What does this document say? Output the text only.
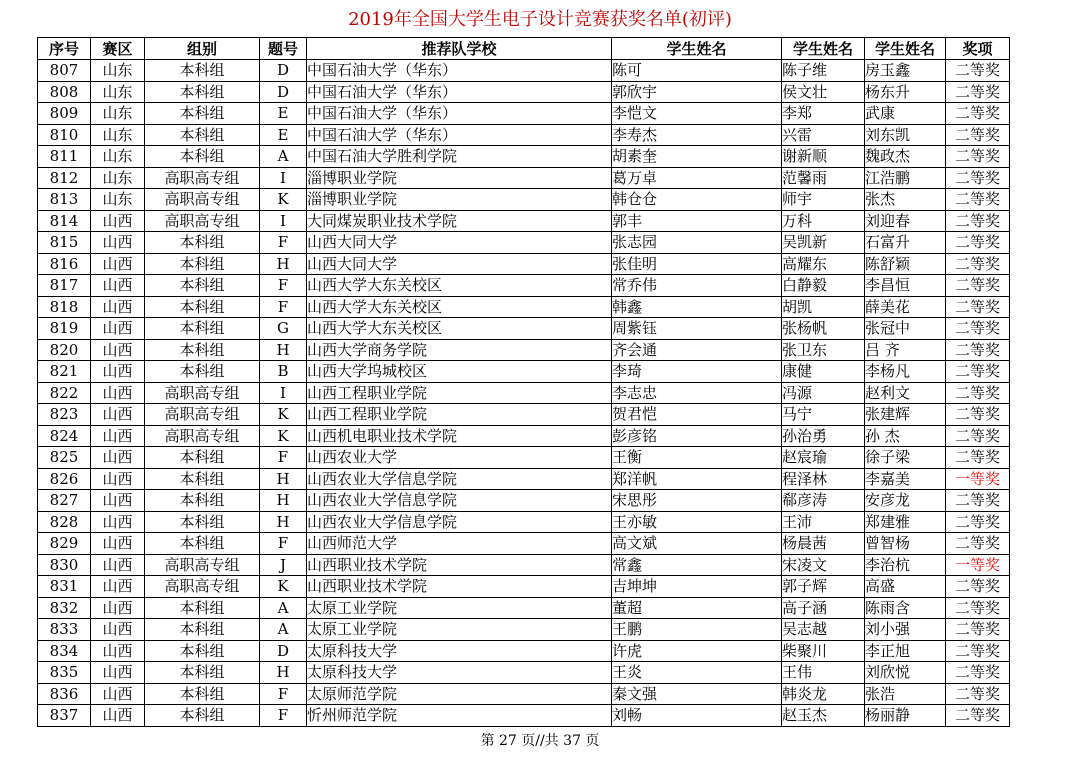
2019年全国大学生电子设计竞赛获奖名单(初评)
序号	赛区	组别	题号	推荐队学校	学生姓名	学生姓名	学生姓名	奖项
807	山东	本科组	D	中国石油大学（华东）	陈可	陈子维	房玉鑫	二等奖
808	山东	本科组	D	中国石油大学（华东）	郭欣宇	侯文壮	杨东升	二等奖
809	山东	本科组	E	中国石油大学（华东）	李恺文	李郑	武康	二等奖
810	山东	本科组	E	中国石油大学（华东）	李寿杰	兴雷	刘东凯	二等奖
811	山东	本科组	A	中国石油大学胜利学院	胡素奎	谢新顺	魏政杰	二等奖
812	山东	高职高专组	I	淄博职业学院	葛万卓	范馨雨	江浩鹏	二等奖
813	山东	高职高专组	K	淄博职业学院	韩仓仓	师宇	张杰	二等奖
814	山西	高职高专组	I	大同煤炭职业技术学院	郭丰	万科	刘迎春	二等奖
815	山西	本科组	F	山西大同大学	张志园	吴凯新	石富升	二等奖
816	山西	本科组	H	山西大同大学	张佳明	高耀东	陈舒颖	二等奖
817	山西	本科组	F	山西大学大东关校区	常乔伟	白静毅	李昌恒	二等奖
818	山西	本科组	F	山西大学大东关校区	韩鑫	胡凯	薛美花	二等奖
819	山西	本科组	G	山西大学大东关校区	周紫钰	张杨帆	张冠中	二等奖
820	山西	本科组	H	山西大学商务学院	齐会通	张卫东	吕 齐	二等奖
821	山西	本科组	B	山西大学坞城校区	李琦	康健	李杨凡	二等奖
822	山西	高职高专组	I	山西工程职业学院	李志忠	冯源	赵利文	二等奖
823	山西	高职高专组	K	山西工程职业学院	贺君恺	马宁	张建辉	二等奖
824	山西	高职高专组	K	山西机电职业技术学院	彭彦铭	孙治勇	孙 杰	二等奖
825	山西	本科组	F	山西农业大学	王衡	赵宸瑜	徐子梁	二等奖
826	山西	本科组	H	山西农业大学信息学院	郑洋帆	程泽林	李嘉美	一等奖
827	山西	本科组	H	山西农业大学信息学院	宋思彤	郗彦涛	安彦龙	二等奖
828	山西	本科组	H	山西农业大学信息学院	王亦敏	王沛	郑建雅	二等奖
829	山西	本科组	F	山西师范大学	高文斌	杨晨茜	曾智杨	二等奖
830	山西	高职高专组	J	山西职业技术学院	常鑫	宋凌文	李治杭	一等奖
831	山西	高职高专组	K	山西职业技术学院	吉坤坤	郭子辉	高盛	二等奖
832	山西	本科组	A	太原工业学院	董超	高子涵	陈雨含	二等奖
833	山西	本科组	A	太原工业学院	王鹏	吴志越	刘小强	二等奖
834	山西	本科组	D	太原科技大学	许虎	柴聚川	李正旭	二等奖
835	山西	本科组	H	太原科技大学	王炎	王伟	刘欣悦	二等奖
836	山西	本科组	F	太原师范学院	秦文强	韩炎龙	张浩	二等奖
837	山西	本科组	F	忻州师范学院	刘畅	赵玉杰	杨丽静	二等奖
第 27 页//共 37 页
